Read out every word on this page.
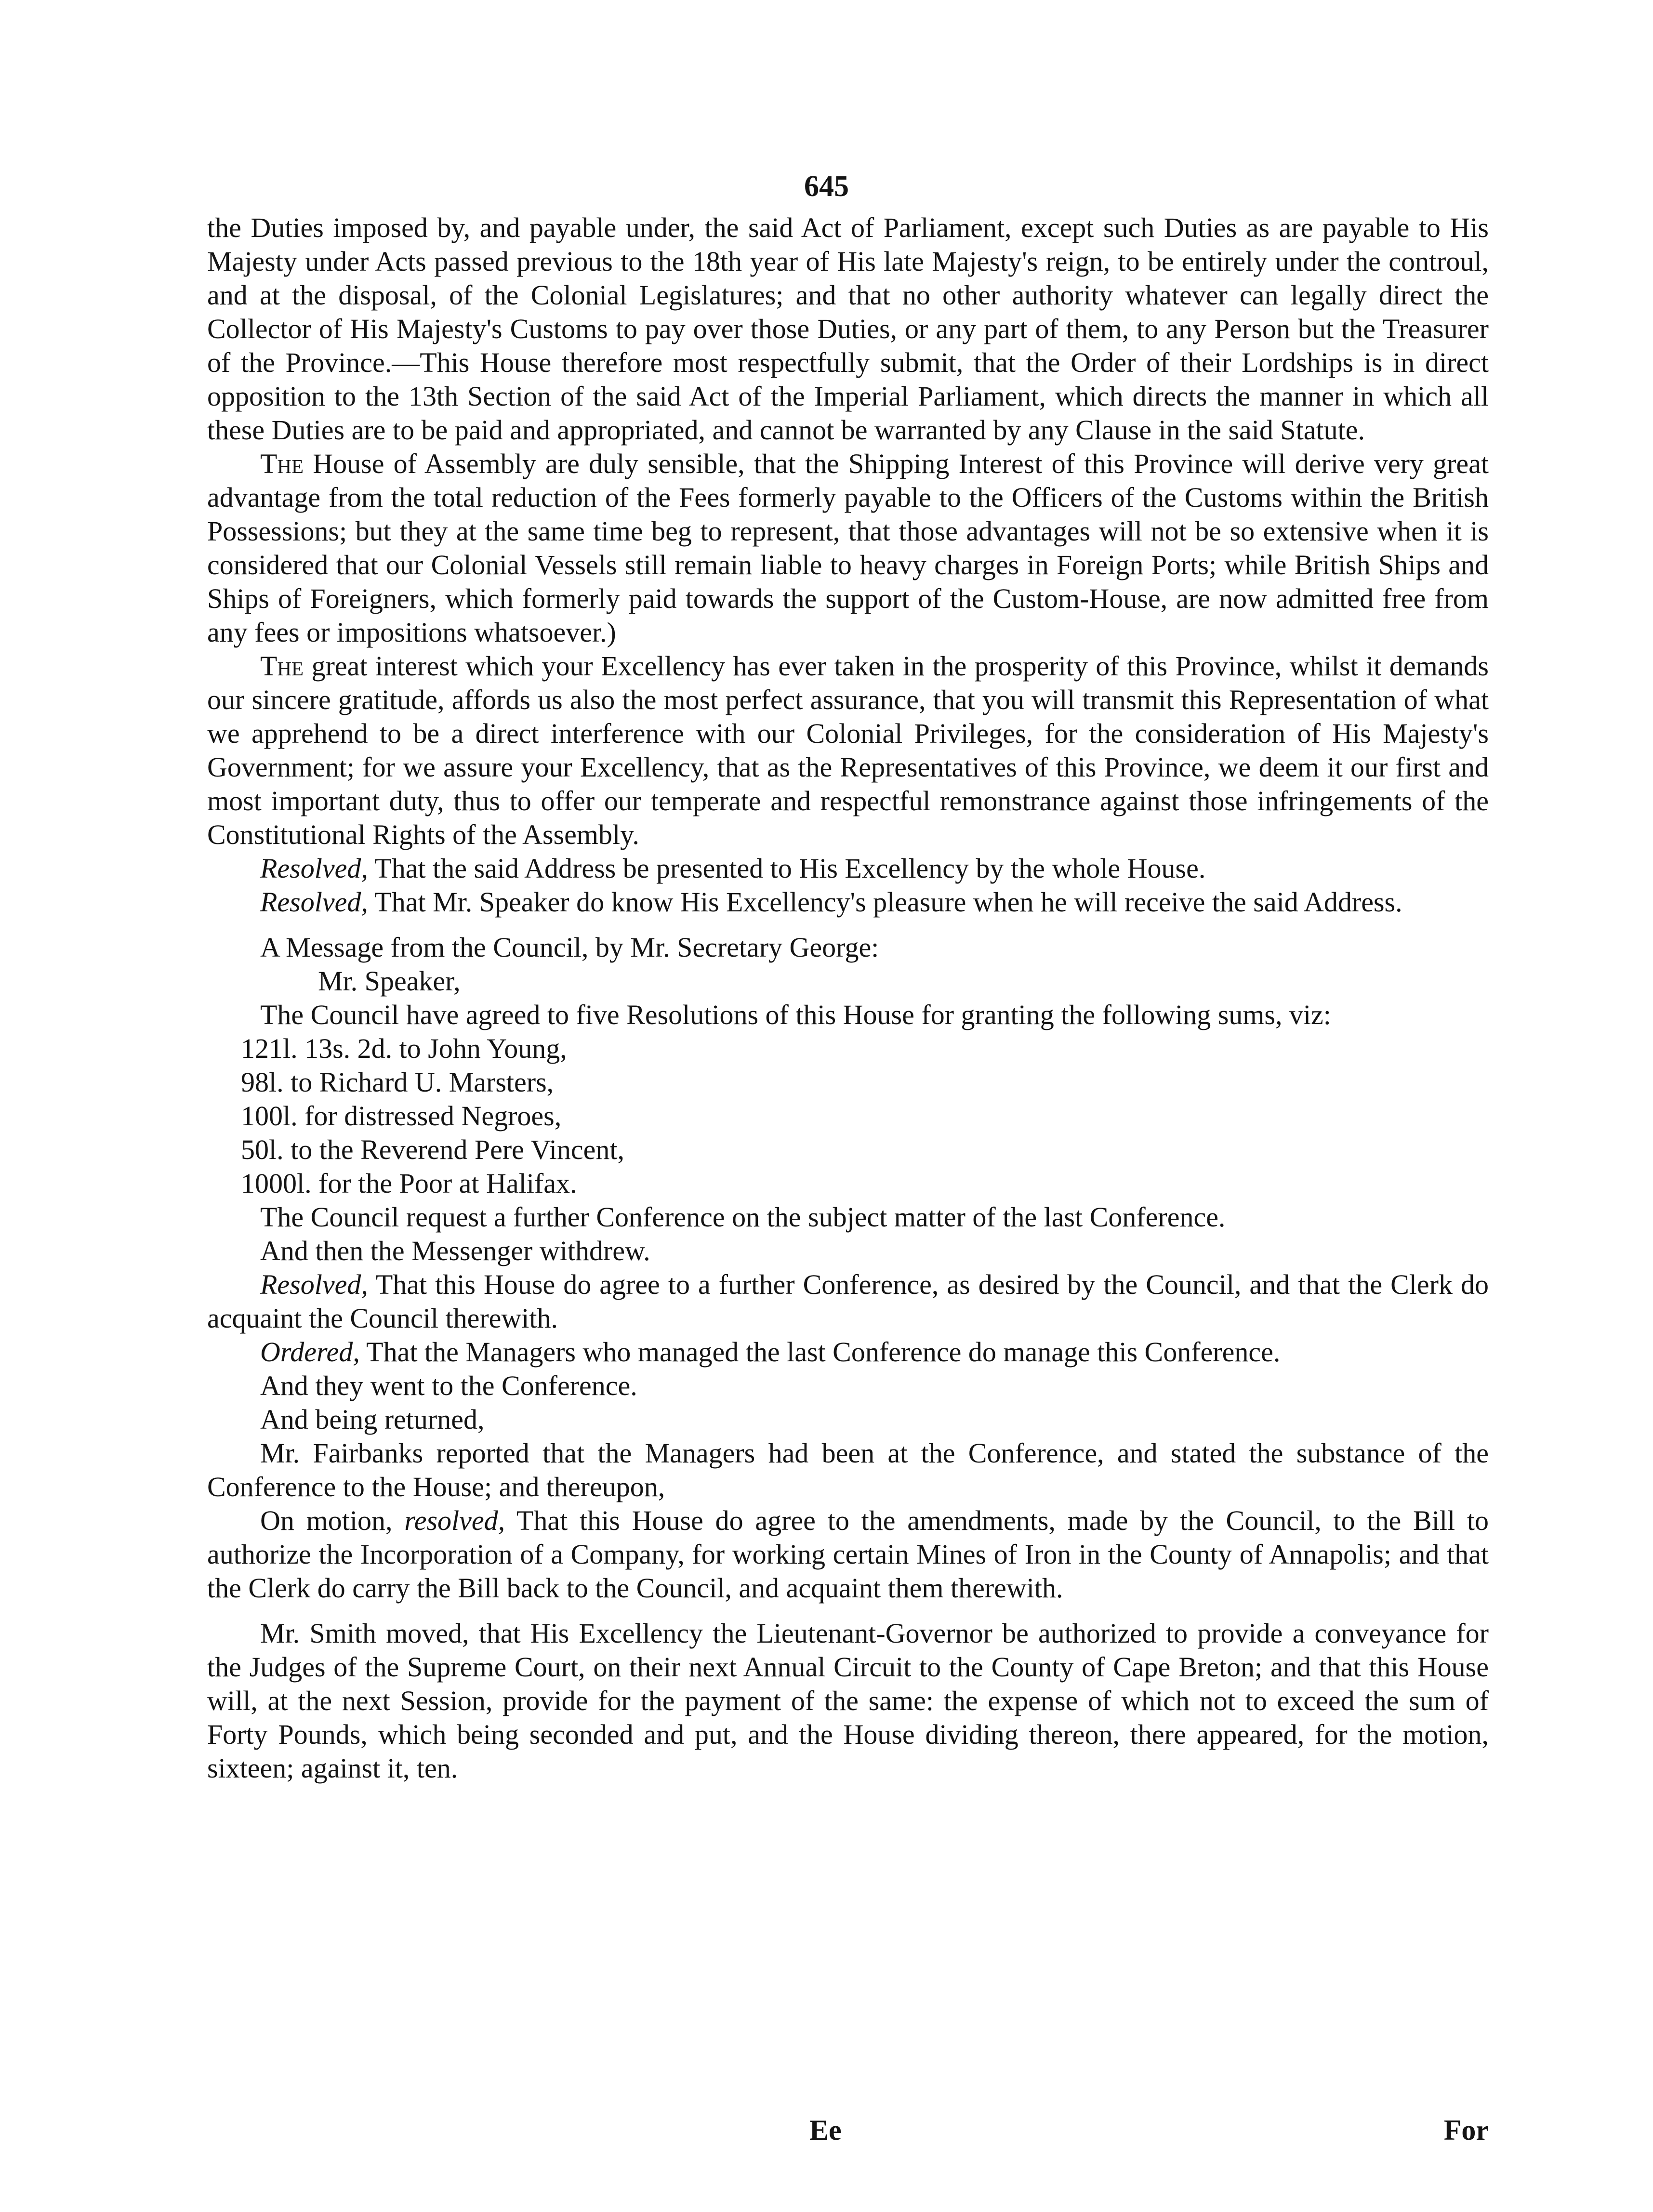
645

the Duties imposed by, and payable under, the said Act of Parliament, except such Duties as are payable to His Majesty under Acts passed previous to the 18th year of His late Majesty's reign, to be entirely under the controul, and at the disposal, of the Colonial Legislatures; and that no other authority whatever can legally direct the Collector of His Majesty's Customs to pay over those Duties, or any part of them, to any Person but the Treasurer of the Province.—This House therefore most respectfully submit, that the Order of their Lordships is in direct opposition to the 13th Section of the said Act of the Imperial Parliament, which directs the manner in which all these Duties are to be paid and appropriated, and cannot be warranted by any Clause in the said Statute.

The House of Assembly are duly sensible, that the Shipping Interest of this Province will derive very great advantage from the total reduction of the Fees formerly payable to the Officers of the Customs within the British Possessions; but they at the same time beg to represent, that those advantages will not be so extensive when it is considered that our Colonial Vessels still remain liable to heavy charges in Foreign Ports; while British Ships and Ships of Foreigners, which formerly paid towards the support of the Custom-House, are now admitted free from any fees or impositions whatsoever.)

The great interest which your Excellency has ever taken in the prosperity of this Province, whilst it demands our sincere gratitude, affords us also the most perfect assurance, that you will transmit this Representation of what we apprehend to be a direct interference with our Colonial Privileges, for the consideration of His Majesty's Government; for we assure your Excellency, that as the Representatives of this Province, we deem it our first and most important duty, thus to offer our temperate and respectful remonstrance against those infringements of the Constitutional Rights of the Assembly.

Resolved, That the said Address be presented to His Excellency by the whole House.

Resolved, That Mr. Speaker do know His Excellency's pleasure when he will receive the said Address.

A Message from the Council, by Mr. Secretary George:

Mr. Speaker,

The Council have agreed to five Resolutions of this House for granting the following sums, viz:

121l. 13s. 2d. to John Young,

98l. to Richard U. Marsters,

100l. for distressed Negroes,

50l. to the Reverend Pere Vincent,

1000l. for the Poor at Halifax.

The Council request a further Conference on the subject matter of the last Conference.

And then the Messenger withdrew.

Resolved, That this House do agree to a further Conference, as desired by the Council, and that the Clerk do acquaint the Council therewith.

Ordered, That the Managers who managed the last Conference do manage this Conference.

And they went to the Conference.

And being returned,

Mr. Fairbanks reported that the Managers had been at the Conference, and stated the substance of the Conference to the House; and thereupon,

On motion, resolved, That this House do agree to the amendments, made by the Council, to the Bill to authorize the Incorporation of a Company, for working certain Mines of Iron in the County of Annapolis; and that the Clerk do carry the Bill back to the Council, and acquaint them therewith.

Mr. Smith moved, that His Excellency the Lieutenant-Governor be authorized to provide a conveyance for the Judges of the Supreme Court, on their next Annual Circuit to the County of Cape Breton; and that this House will, at the next Session, provide for the payment of the same: the expense of which not to exceed the sum of Forty Pounds, which being seconded and put, and the House dividing thereon, there appeared, for the motion, sixteen; against it, ten.

Ee	For
